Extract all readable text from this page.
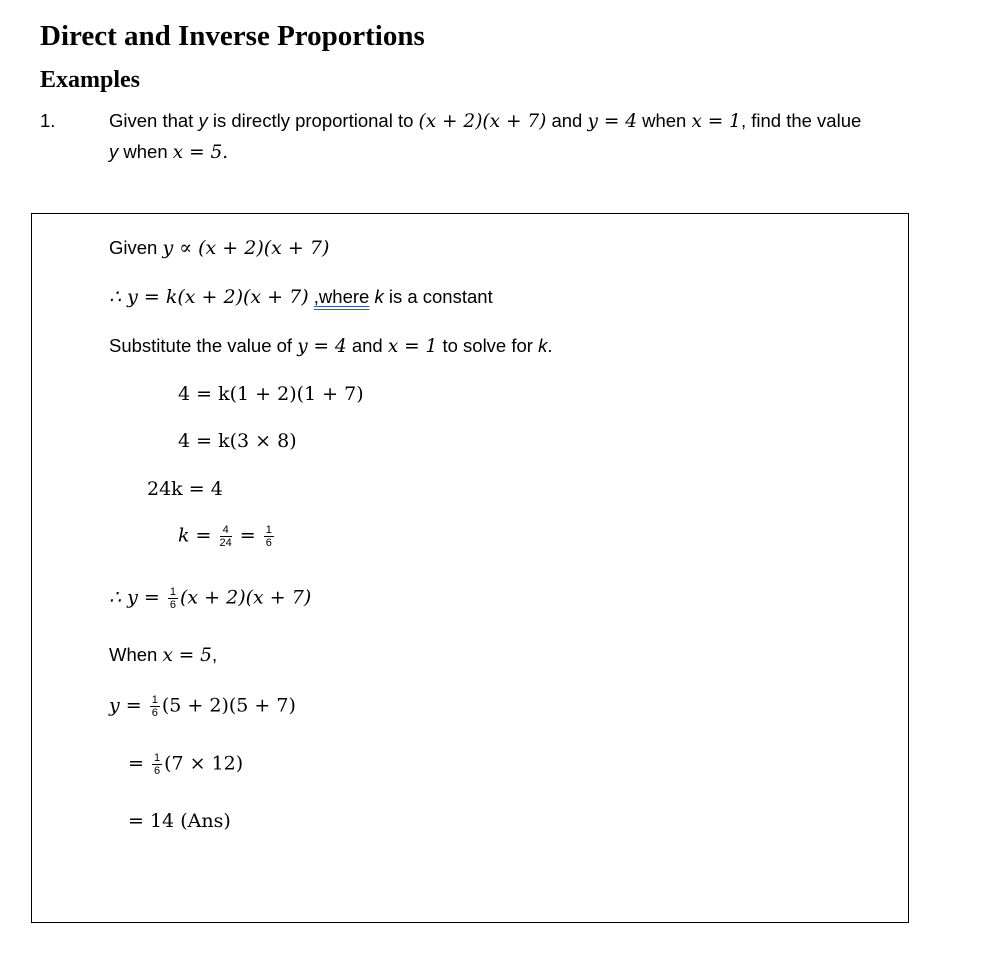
Direct and Inverse Proportions
Examples
1.	Given that y is directly proportional to (x + 2)(x + 7) and y = 4 when x = 1, find the value
y when x = 5.
Given y ∝ (x + 2)(x + 7)
∴ y = k(x + 2)(x + 7) ,where k is a constant
Substitute the value of y = 4 and x = 1 to solve for k.
4 = k(1 + 2)(1 + 7)
4 = k(3 × 8)
24k = 4
$k = \frac{4}{24} = \frac{1}{6}$
∴ $y = \frac{1}{6} (x + 2)(x + 7)$
When x = 5,
$y = \frac{1}{6} (5 + 2)(5 + 7)$
= $\frac{1}{6} (7 \times 12)$
= 14 (Ans)
